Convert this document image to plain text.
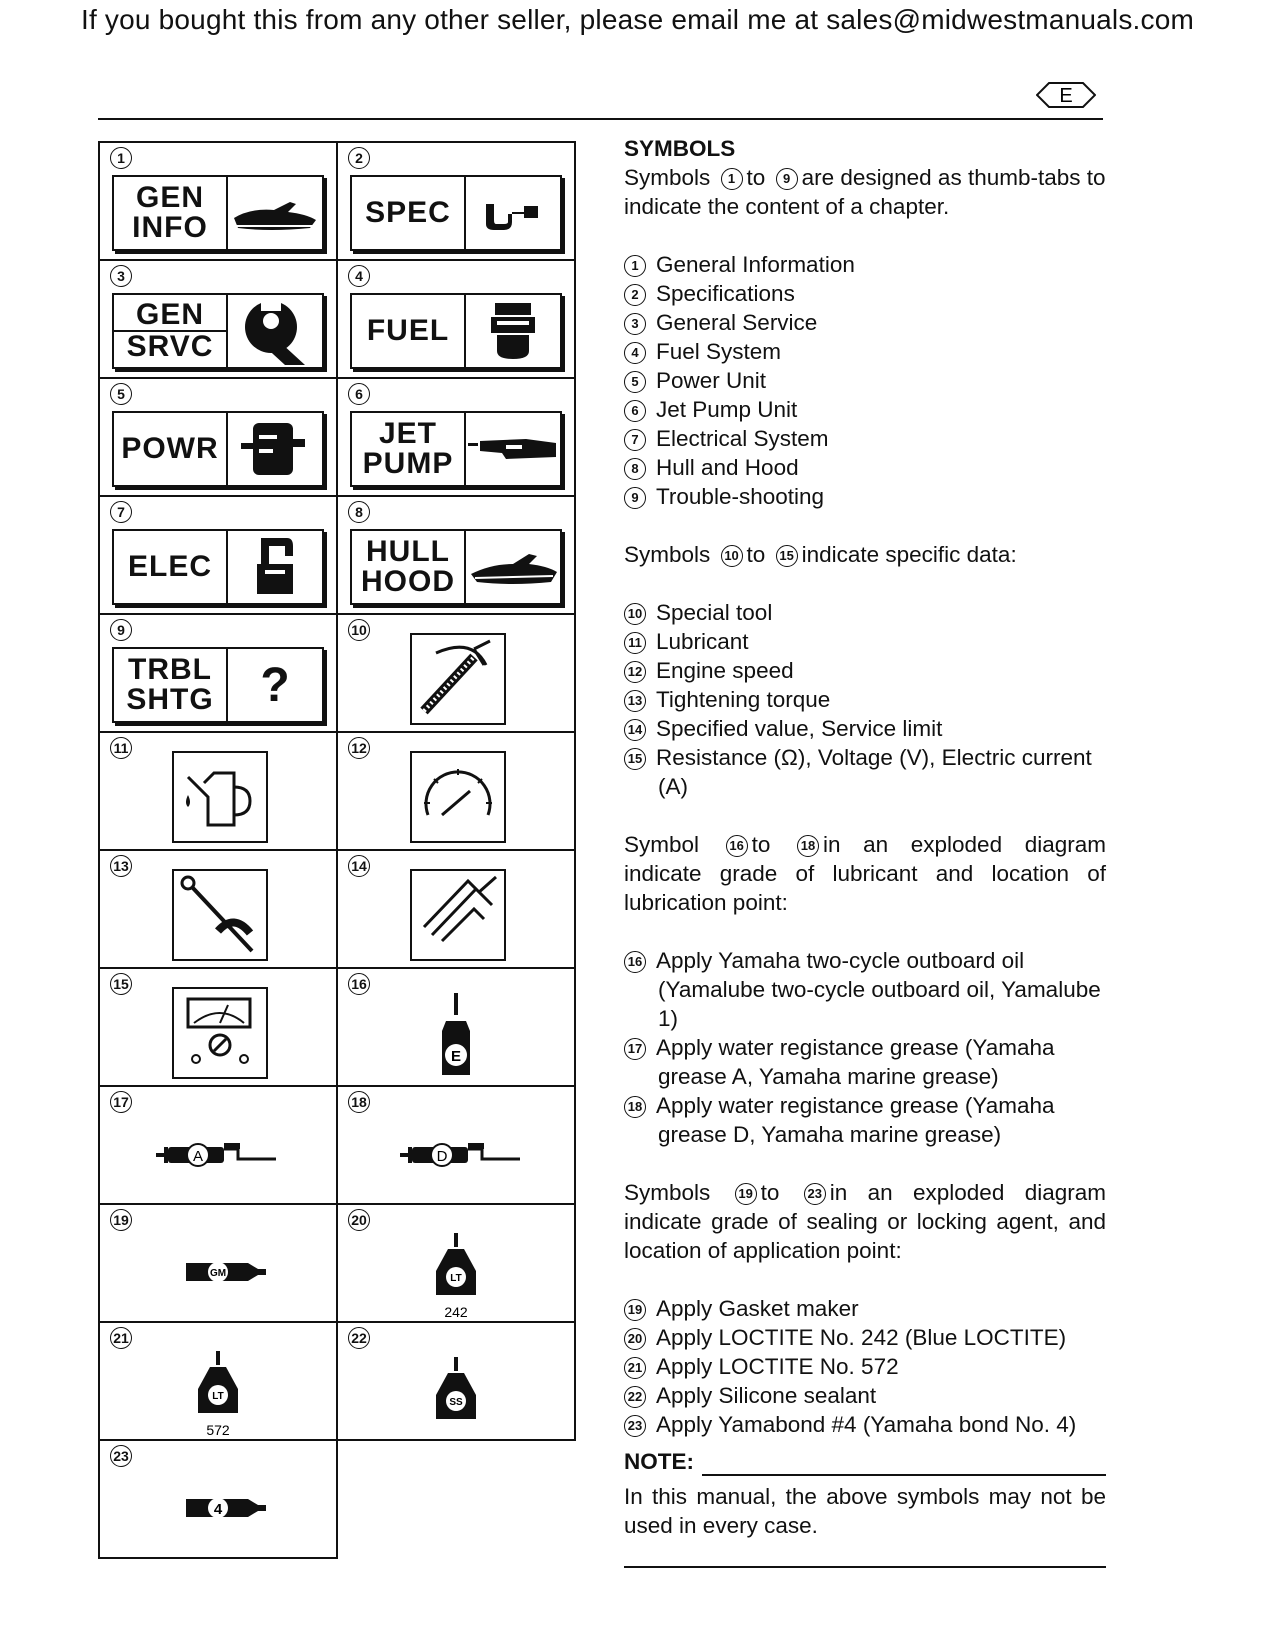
If you bought this from any other seller, please email me at sales@midwestmanuals.com
E
1
GEN
INFO
2
SPEC
3
GEN
SRVC
4
FUEL
5
POWR
6
JET
PUMP
7
ELEC
8
HULL
HOOD
9
TRBL
SHTG ?
10
11	12
13	14
15	16
E
17
A
18
D
19
GM
20
LT
242
21
LT
572
22
SS
23
4

SYMBOLS

Symbols 1 to 9 are designed as thumb-tabs to indicate the content of a chapter.

1 General Information

2 Specifications

3 General Service

4 Fuel System

5 Power Unit

6 Jet Pump Unit

7 Electrical System

8 Hull and Hood

9 Trouble-shooting

Symbols 10 to 15 indicate specific data:

10 Special tool

11 Lubricant

12 Engine speed

13 Tightening torque

14 Specified value, Service limit

15 Resistance (Ω), Voltage (V), Electric current (A)

Symbol 16 to 18 in an exploded diagram indicate grade of lubricant and location of lubrication point:

16 Apply Yamaha two-cycle outboard oil (Yamalube two-cycle outboard oil, Yamalube 1)

17 Apply water registance grease (Yamaha grease A, Yamaha marine grease)

18 Apply water registance grease (Yamaha grease D, Yamaha marine grease)

Symbols 19 to 23 in an exploded diagram indicate grade of sealing or locking agent, and location of application point:

19 Apply Gasket maker

20 Apply LOCTITE No. 242 (Blue LOCTITE)

21 Apply LOCTITE No. 572

22 Apply Silicone sealant

23 Apply Yamabond #4 (Yamaha bond No. 4)

NOTE:

In this manual, the above symbols may not be used in every case.
